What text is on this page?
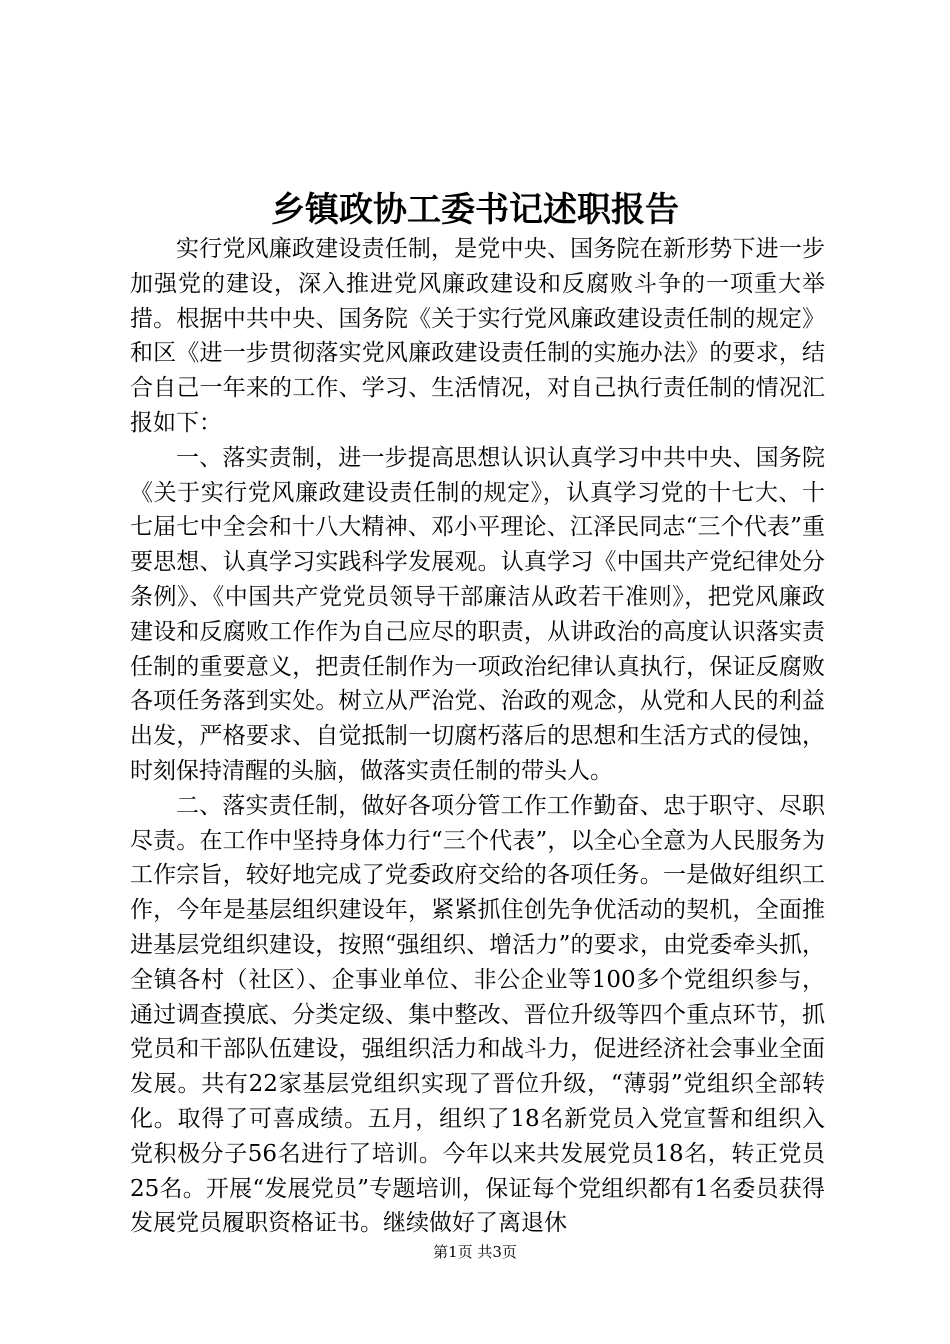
乡镇政协工委书记述职报告

实行党风廉政建设责任制，是党中央、国务院在新形势下进一步加强党的建设，深入推进党风廉政建设和反腐败斗争的一项重大举措。根据中共中央、国务院《关于实行党风廉政建设责任制的规定》和区《进一步贯彻落实党风廉政建设责任制的实施办法》的要求，结合自己一年来的工作、学习、生活情况，对自己执行责任制的情况汇报如下：

一、落实责制，进一步提高思想认识认真学习中共中央、国务院《关于实行党风廉政建设责任制的规定》，认真学习党的十七大、十七届七中全会和十八大精神、邓小平理论、江泽民同志“三个代表”重要思想、认真学习实践科学发展观。认真学习《中国共产党纪律处分条例》、《中国共产党党员领导干部廉洁从政若干准则》，把党风廉政建设和反腐败工作作为自己应尽的职责，从讲政治的高度认识落实责任制的重要意义，把责任制作为一项政治纪律认真执行，保证反腐败各项任务落到实处。树立从严治党、治政的观念，从党和人民的利益出发，严格要求、自觉抵制一切腐朽落后的思想和生活方式的侵蚀，时刻保持清醒的头脑，做落实责任制的带头人。

二、落实责任制，做好各项分管工作工作勤奋、忠于职守、尽职尽责。在工作中坚持身体力行“三个代表”，以全心全意为人民服务为工作宗旨，较好地完成了党委政府交给的各项任务。一是做好组织工作，今年是基层组织建设年，紧紧抓住创先争优活动的契机，全面推进基层党组织建设，按照“强组织、增活力”的要求，由党委牵头抓，全镇各村（社区）、企事业单位、非公企业等100多个党组织参与，通过调查摸底、分类定级、集中整改、晋位升级等四个重点环节，抓党员和干部队伍建设，强组织活力和战斗力，促进经济社会事业全面发展。共有22家基层党组织实现了晋位升级，“薄弱”党组织全部转化。取得了可喜成绩。五月，组织了18名新党员入党宣誓和组织入党积极分子56名进行了培训。今年以来共发展党员18名，转正党员25名。开展“发展党员”专题培训，保证每个党组织都有1名委员获得发展党员履职资格证书。继续做好了离退休

第1页 共3页
